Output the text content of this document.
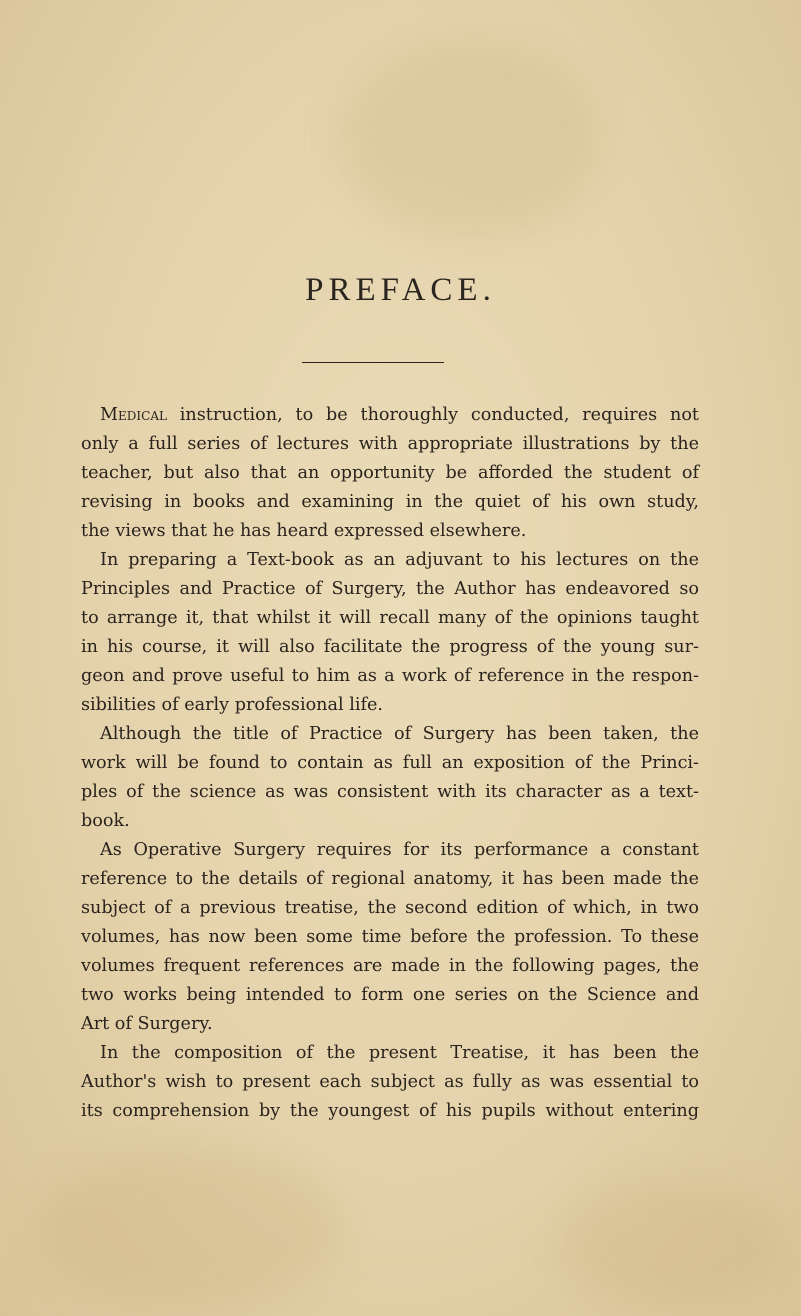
PREFACE.
Medical instruction, to be thoroughly conducted, requires not
only a full series of lectures with appropriate illustrations by the
teacher, but also that an opportunity be afforded the student of
revising in books and examining in the quiet of his own study,
the views that he has heard expressed elsewhere.
In preparing a Text-book as an adjuvant to his lectures on the
Principles and Practice of Surgery, the Author has endeavored so
to arrange it, that whilst it will recall many of the opinions taught
in his course, it will also facilitate the progress of the young sur-
geon and prove useful to him as a work of reference in the respon-
sibilities of early professional life.
Although the title of Practice of Surgery has been taken, the
work will be found to contain as full an exposition of the Princi-
ples of the science as was consistent with its character as a text-
book.
As Operative Surgery requires for its performance a constant
reference to the details of regional anatomy, it has been made the
subject of a previous treatise, the second edition of which, in two
volumes, has now been some time before the profession. To these
volumes frequent references are made in the following pages, the
two works being intended to form one series on the Science and
Art of Surgery.
In the composition of the present Treatise, it has been the
Author's wish to present each subject as fully as was essential to
its comprehension by the youngest of his pupils without entering
